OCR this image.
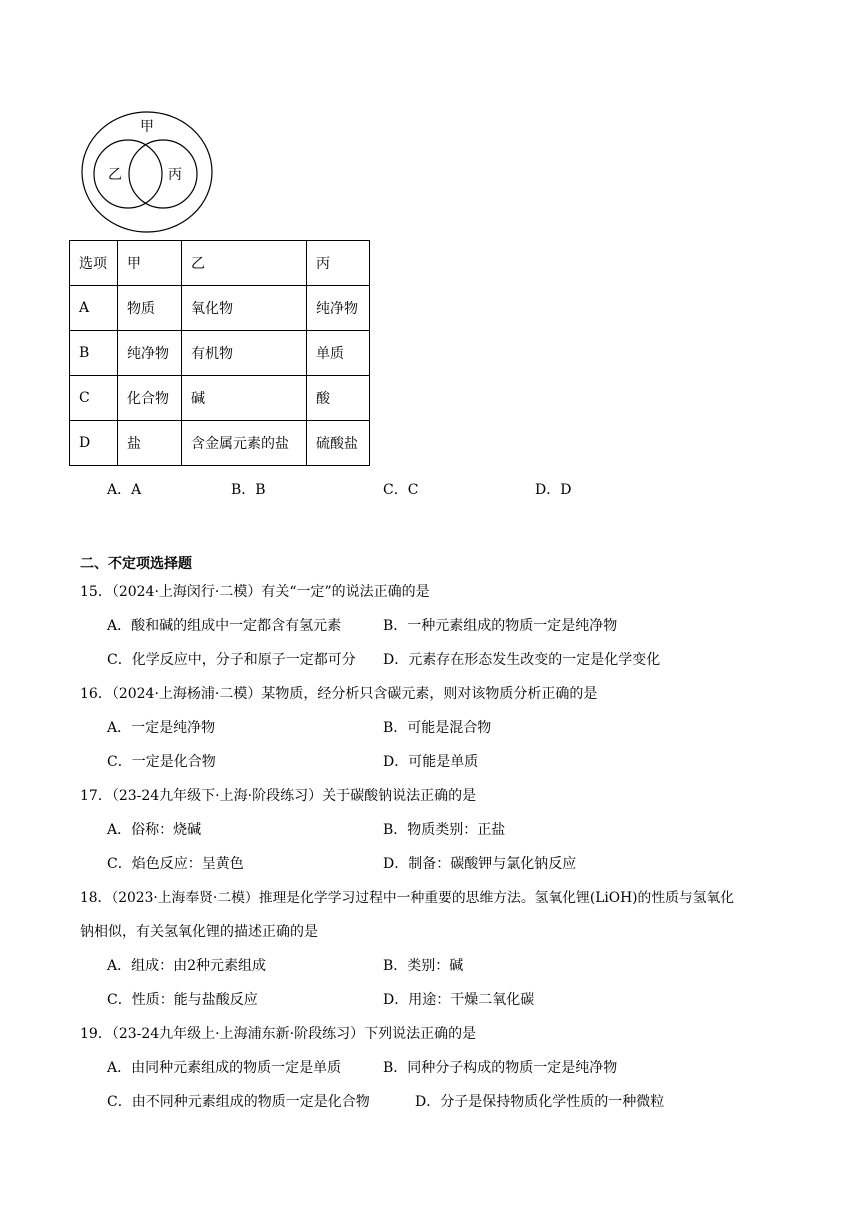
甲
乙	丙
选项	甲	乙	丙
A	物质	氧化物	纯净物
B	纯净物	有机物	单质
C	化合物	碱	酸
D	盐	含金属元素的盐	硫酸盐
A．A	B．B	C．C	D．D
二、不定项选择题
15．（2024·上海闵行·二模）有关“一定”的说法正确的是
A．酸和碱的组成中一定都含有氢元素	B．一种元素组成的物质一定是纯净物
C．化学反应中，分子和原子一定都可分 D．元素存在形态发生改变的一定是化学变化
16．（2024·上海杨浦·二模）某物质，经分析只含碳元素，则对该物质分析正确的是
A．一定是纯净物	B．可能是混合物
C．一定是化合物	D．可能是单质
17．（23-24九年级下·上海·阶段练习）关于碳酸钠说法正确的是
A．俗称：烧碱	B．物质类别：正盐
C．焰色反应：呈黄色	D．制备：碳酸钾与氯化钠反应
18．（2023·上海奉贤·二模）推理是化学学习过程中一种重要的思维方法。氢氧化锂(LiOH)的性质与氢氧化
钠相似，有关氢氧化锂的描述正确的是
A．组成：由2种元素组成	B．类别：碱
C．性质：能与盐酸反应	D．用途：干燥二氧化碳
19．（23-24九年级上·上海浦东新·阶段练习）下列说法正确的是
A．由同种元素组成的物质一定是单质	B．同种分子构成的物质一定是纯净物
C．由不同种元素组成的物质一定是化合物	D．分子是保持物质化学性质的一种微粒
